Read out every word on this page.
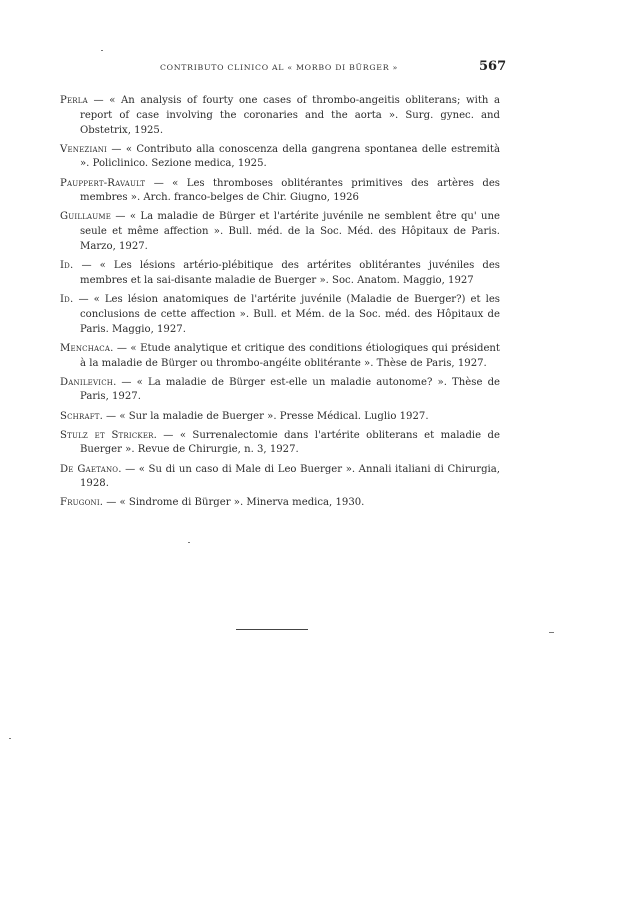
CONTRIBUTO CLINICO AL « MORBO DI BÜRGER »	567

Perla — « An analysis of fourty one cases of thrombo-angeitis obliterans; with a report of case involving the coronaries and the aorta ». Surg. gynec. and Obstetrix, 1925.

Veneziani — « Contributo alla conoscenza della gangrena spontanea delle estremità ». Policlinico. Sezione medica, 1925.

Pauppert-Ravault — « Les thromboses oblitérantes primitives des artères des membres ». Arch. franco-belges de Chir. Giugno, 1926

Guillaume — « La maladie de Bürger et l'artérite juvénile ne semblent être qu' une seule et même affection ». Bull. méd. de la Soc. Méd. des Hôpitaux de Paris. Marzo, 1927.

Id. — « Les lésions artério-plébitique des artérites oblitérantes juvéniles des membres et la sai-disante maladie de Buerger ». Soc. Anatom. Maggio, 1927

Id. — « Les lésion anatomiques de l'artérite juvénile (Maladie de Buerger?) et les conclusions de cette affection ». Bull. et Mém. de la Soc. méd. des Hôpitaux de Paris. Maggio, 1927.

Menchaca. — « Etude analytique et critique des conditions étiologiques qui président à la maladie de Bürger ou thrombo-angéite oblitérante ». Thèse de Paris, 1927.

Danilevich. — « La maladie de Bürger est-elle un maladie autonome? ». Thèse de Paris, 1927.

Schraft. — « Sur la maladie de Buerger ». Presse Médical. Luglio 1927.

Stulz et Stricker. — « Surrenalectomie dans l'artérite obliterans et maladie de Buerger ». Revue de Chirurgie, n. 3, 1927.

De Gaetano. — « Su di un caso di Male di Leo Buerger ». Annali italiani di Chirurgia, 1928.

Frugoni. — « Sindrome di Bürger ». Minerva medica, 1930.
